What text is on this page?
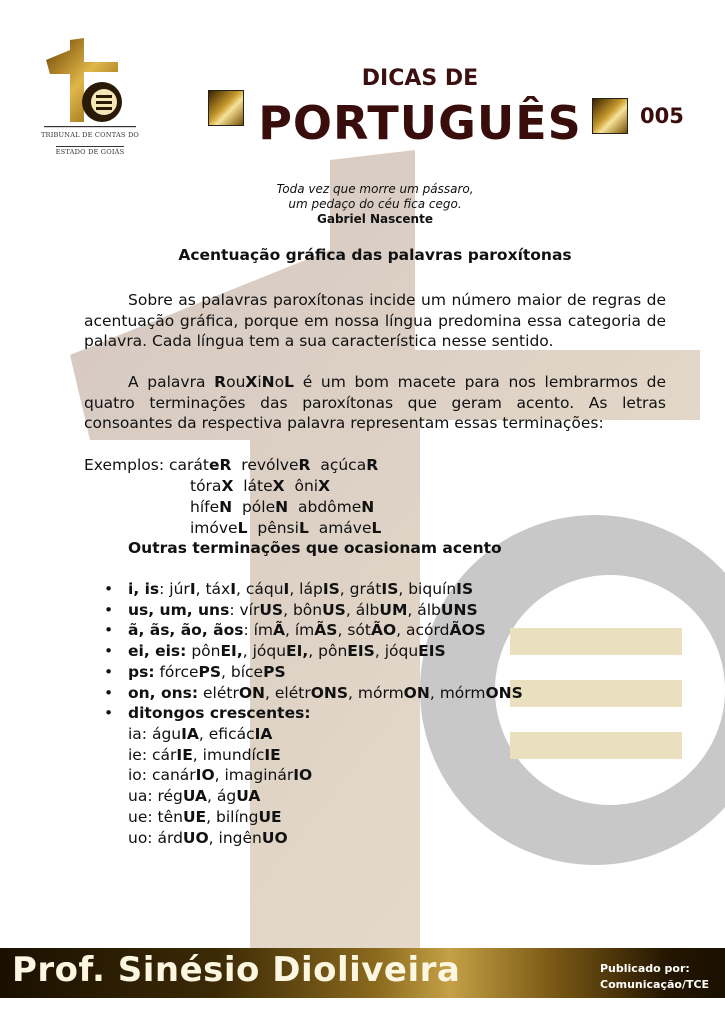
TRIBUNAL DE CONTAS DO
ESTADO DE GOIÁS
DICAS DE
PORTUGUÊS	005
Toda vez que morre um pássaro,
um pedaço do céu fica cego.
Gabriel Nascente
Acentuação gráfica das palavras paroxítonas
Sobre as palavras paroxítonas incide um número maior de regras de acentuação gráfica, porque em nossa língua predomina essa categoria de palavra. Cada língua tem a sua característica nesse sentido.
A palavra RouXiNoL é um bom macete para nos lembrarmos de quatro terminações das paroxítonas que geram acento. As letras consoantes da respectiva palavra representam essas terminações:
Exemplos: caráteR revólveR açúcaR
tóraX láteX ôniX
hífeN póleN abdômeN
imóveL pênsiL amáveL
Outras terminações que ocasionam acento
• i, is: júrI, táxI, cáquI, lápIS, grátIS, biquínIS
• us, um, uns: vírUS, bônUS, álbUM, álbUNS
• ã, ãs, ão, ãos: ímÃ, ímÃS, sótÃO, acórdÃOS
• ei, eis: pônEI,, jóquEI,, pônEIS, jóquEIS
• ps: fórcePS, bícePS
• on, ons: elétrON, elétrONS, mórmON, mórmONS
• ditongos crescentes:
ia: águIA, eficácIA
ie: cárIE, imundícIE
io: canárIO, imaginárIO
ua: régUA, ágUA
ue: tênUE, bilíngUE
uo: árdUO, ingênUO
Prof. Sinésio Dioliveira	Publicado por:
Comunicação/TCE
